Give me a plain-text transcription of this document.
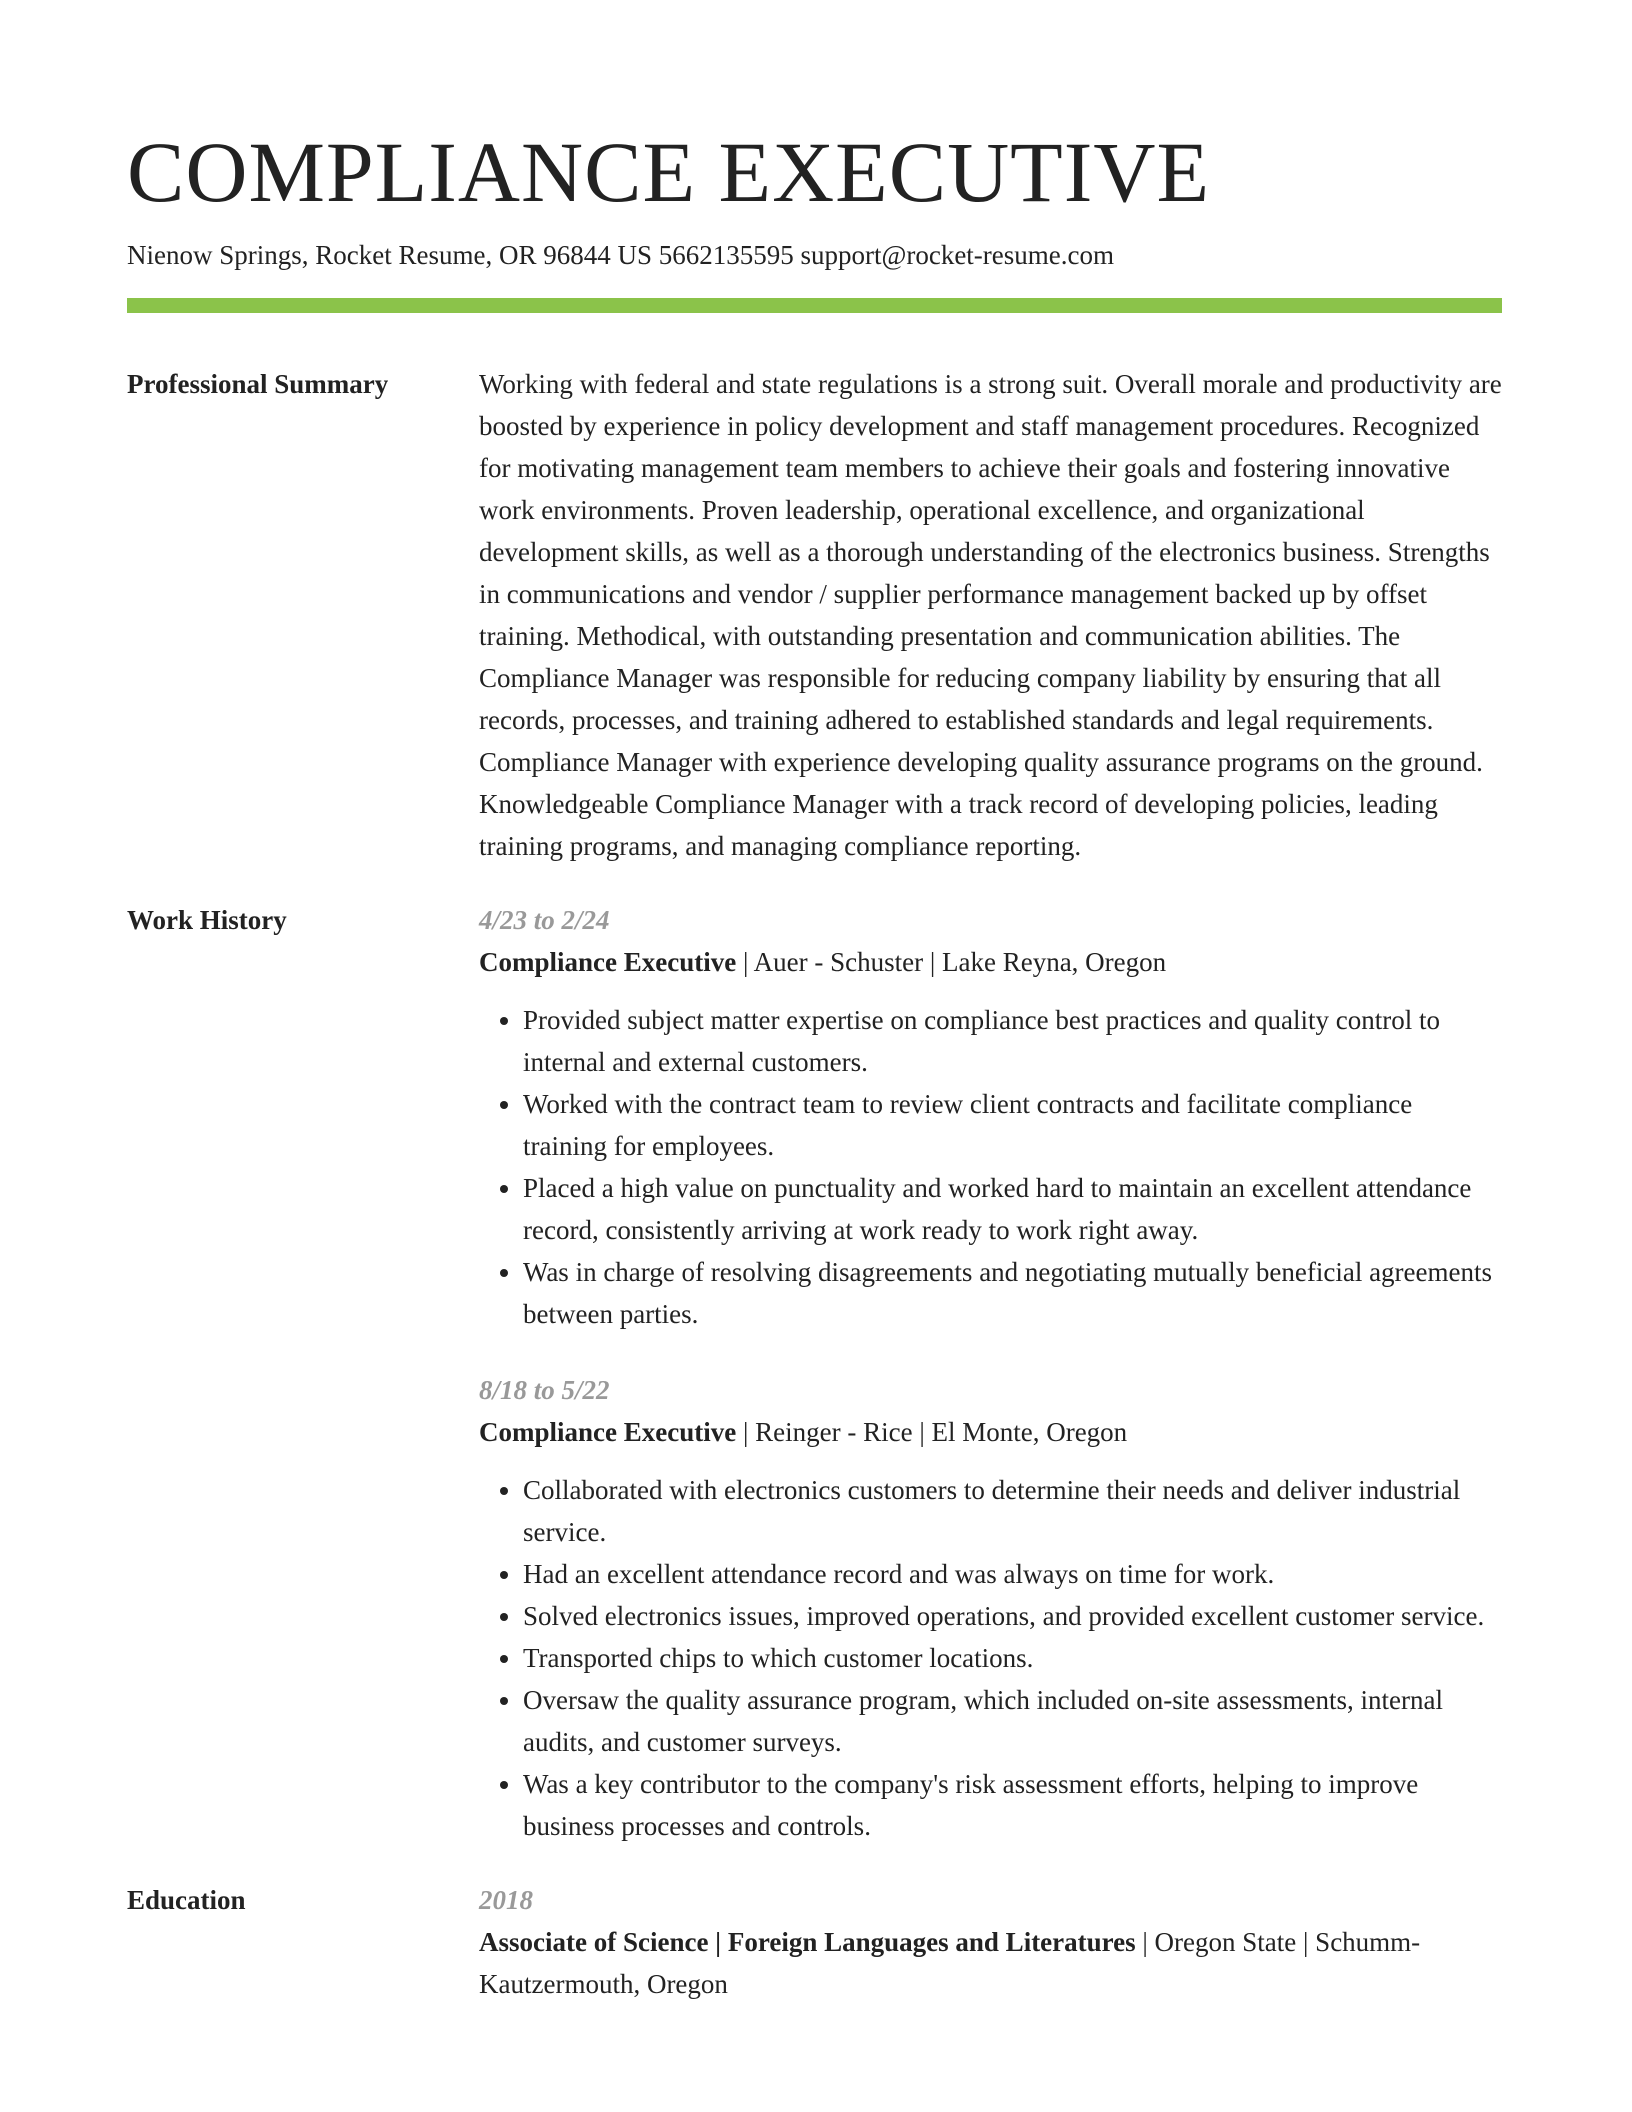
COMPLIANCE EXECUTIVE
Nienow Springs, Rocket Resume, OR 96844 US 5662135595 support@rocket-resume.com
Professional Summary	Working with federal and state regulations is a strong suit. Overall morale and productivity are boosted by experience in policy development and staff management procedures. Recognized for motivating management team members to achieve their goals and fostering innovative work environments. Proven leadership, operational excellence, and organizational development skills, as well as a thorough understanding of the electronics business. Strengths in communications and vendor / supplier performance management backed up by offset training. Methodical, with outstanding presentation and communication abilities. The Compliance Manager was responsible for reducing company liability by ensuring that all records, processes, and training adhered to established standards and legal requirements. Compliance Manager with experience developing quality assurance programs on the ground. Knowledgeable Compliance Manager with a track record of developing policies, leading training programs, and managing compliance reporting.

Work History	4/23 to 2/24
Compliance Executive | Auer - Schuster | Lake Reyna, Oregon
• Provided subject matter expertise on compliance best practices and quality control to internal and external customers.
• Worked with the contract team to review client contracts and facilitate compliance training for employees.
• Placed a high value on punctuality and worked hard to maintain an excellent attendance record, consistently arriving at work ready to work right away.
• Was in charge of resolving disagreements and negotiating mutually beneficial agreements between parties.
8/18 to 5/22
Compliance Executive | Reinger - Rice | El Monte, Oregon
• Collaborated with electronics customers to determine their needs and deliver industrial service.
• Had an excellent attendance record and was always on time for work.
• Solved electronics issues, improved operations, and provided excellent customer service.
• Transported chips to which customer locations.
• Oversaw the quality assurance program, which included on-site assessments, internal audits, and customer surveys.
• Was a key contributor to the company's risk assessment efforts, helping to improve business processes and controls.
Education	2018
Associate of Science | Foreign Languages and Literatures | Oregon State | Schumm-Kautzermouth, Oregon
